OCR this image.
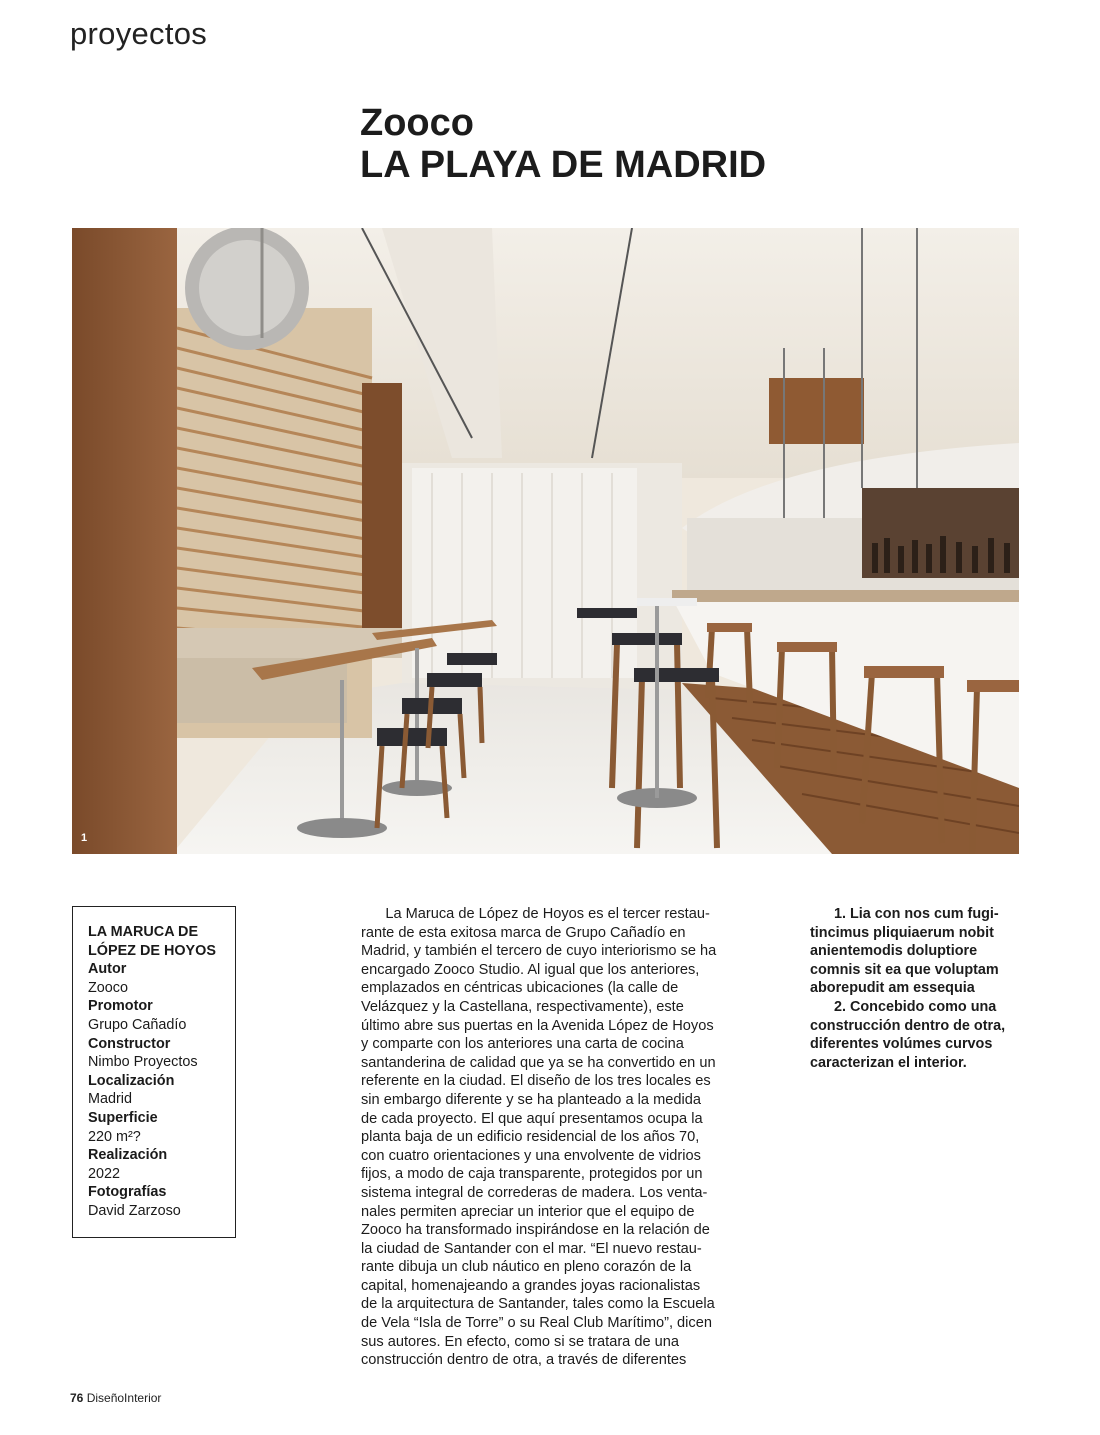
proyectos
Zooco
LA PLAYA DE MADRID
1
LA MARUCA DE
LÓPEZ DE HOYOS
Autor
Zooco
Promotor
Grupo Cañadío
Constructor
Nimbo Proyectos
Localización
Madrid
Superficie
220 m²?
Realización
2022
Fotografías
David Zarzoso
La Maruca de López de Hoyos es el tercer restau-
rante de esta exitosa marca de Grupo Cañadío en
Madrid, y también el tercero de cuyo interiorismo se ha
encargado Zooco Studio. Al igual que los anteriores,
emplazados en céntricas ubicaciones (la calle de
Velázquez y la Castellana, respectivamente), este
último abre sus puertas en la Avenida López de Hoyos
y comparte con los anteriores una carta de cocina
santanderina de calidad que ya se ha convertido en un
referente en la ciudad. El diseño de los tres locales es
sin embargo diferente y se ha planteado a la medida
de cada proyecto. El que aquí presentamos ocupa la
planta baja de un edificio residencial de los años 70,
con cuatro orientaciones y una envolvente de vidrios
fijos, a modo de caja transparente, protegidos por un
sistema integral de correderas de madera. Los venta-
nales permiten apreciar un interior que el equipo de
Zooco ha transformado inspirándose en la relación de
la ciudad de Santander con el mar. “El nuevo restau-
rante dibuja un club náutico en pleno corazón de la
capital, homenajeando a grandes joyas racionalistas
de la arquitectura de Santander, tales como la Escuela
de Vela “Isla de Torre” o su Real Club Marítimo”, dicen
sus autores. En efecto, como si se tratara de una
construcción dentro de otra, a través de diferentes
1. Lia con nos cum fugi-
tincimus pliquiaerum nobit
anientemodis doluptiore
comnis sit ea que voluptam
aborepudit am essequia
2. Concebido como una
construcción dentro de otra,
diferentes volúmes curvos
caracterizan el interior.
76 DiseñoInterior
